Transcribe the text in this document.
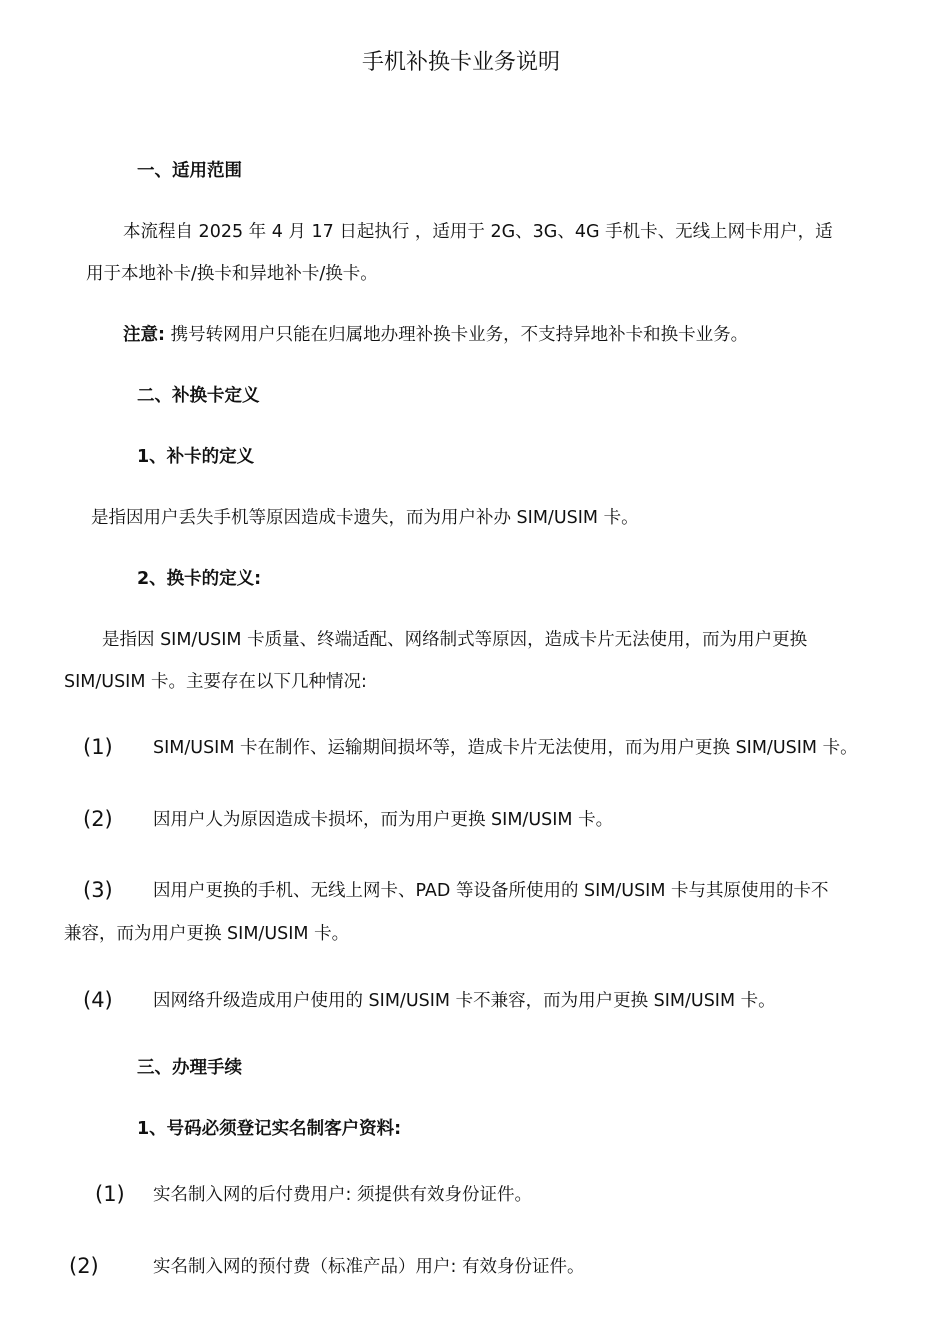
手机补换卡业务说明
一、适用范围
本流程自 2025 年 4 月 17 日起执行 ，适用于 2G、3G、4G 手机卡、无线上网卡用户，适
用于本地补卡/换卡和异地补卡/换卡。
注意: 携号转网用户只能在归属地办理补换卡业务，不支持异地补卡和换卡业务。
二、补换卡定义
1、补卡的定义
是指因用户丢失手机等原因造成卡遗失，而为用户补办 SIM/USIM 卡。
2、换卡的定义:
是指因 SIM/USIM 卡质量、终端适配、网络制式等原因，造成卡片无法使用，而为用户更换
SIM/USIM 卡。主要存在以下几种情况:
(1) SIM/USIM 卡在制作、运输期间损坏等，造成卡片无法使用，而为用户更换 SIM/USIM 卡。
(2) 因用户人为原因造成卡损坏，而为用户更换 SIM/USIM 卡。
(3) 因用户更换的手机、无线上网卡、PAD 等设备所使用的 SIM/USIM 卡与其原使用的卡不
兼容，而为用户更换 SIM/USIM 卡。
(4) 因网络升级造成用户使用的 SIM/USIM 卡不兼容，而为用户更换 SIM/USIM 卡。
三、办理手续
1、号码必须登记实名制客户资料:
(1) 实名制入网的后付费用户: 须提供有效身份证件。
(2)	实名制入网的预付费（标准产品）用户: 有效身份证件。
